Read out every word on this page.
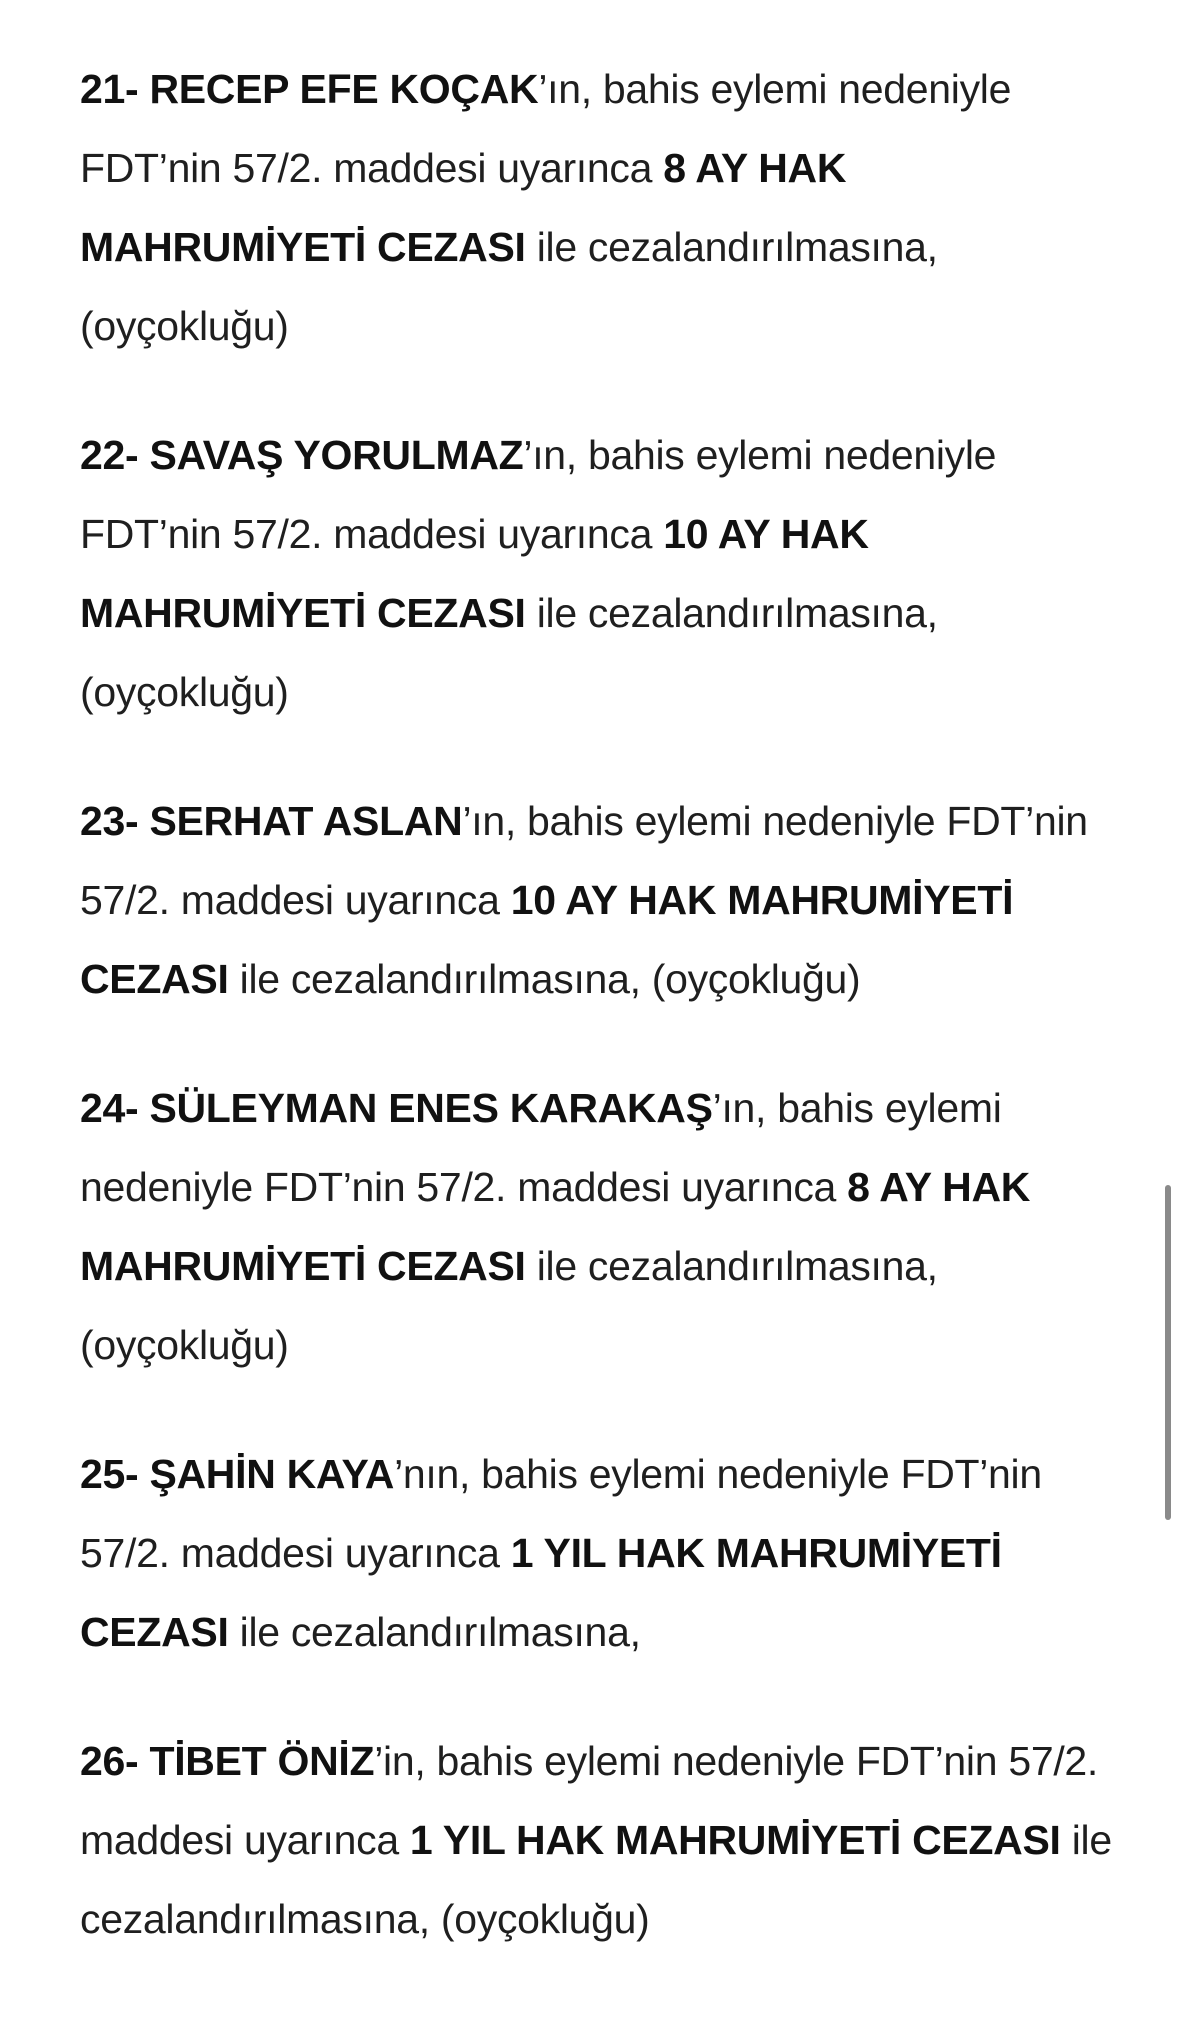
21- RECEP EFE KOÇAK’ın, bahis eylemi nedeniyle FDT’nin 57/2. maddesi uyarınca 8 AY HAK MAHRUMİYETİ CEZASI ile cezalandırılmasına, (oyçokluğu)

22- SAVAŞ YORULMAZ’ın, bahis eylemi nedeniyle FDT’nin 57/2. maddesi uyarınca 10 AY HAK MAHRUMİYETİ CEZASI ile cezalandırılmasına, (oyçokluğu)

23- SERHAT ASLAN’ın, bahis eylemi nedeniyle FDT’nin 57/2. maddesi uyarınca 10 AY HAK MAHRUMİYETİ CEZASI ile cezalandırılmasına, (oyçokluğu)

24- SÜLEYMAN ENES KARAKAŞ’ın, bahis eylemi nedeniyle FDT’nin 57/2. maddesi uyarınca 8 AY HAK MAHRUMİYETİ CEZASI ile cezalandırılmasına, (oyçokluğu)

25- ŞAHİN KAYA’nın, bahis eylemi nedeniyle FDT’nin 57/2. maddesi uyarınca 1 YIL HAK MAHRUMİYETİ CEZASI ile cezalandırılmasına,

26- TİBET ÖNİZ’in, bahis eylemi nedeniyle FDT’nin 57/2. maddesi uyarınca 1 YIL HAK MAHRUMİYETİ CEZASI ile cezalandırılmasına, (oyçokluğu)
